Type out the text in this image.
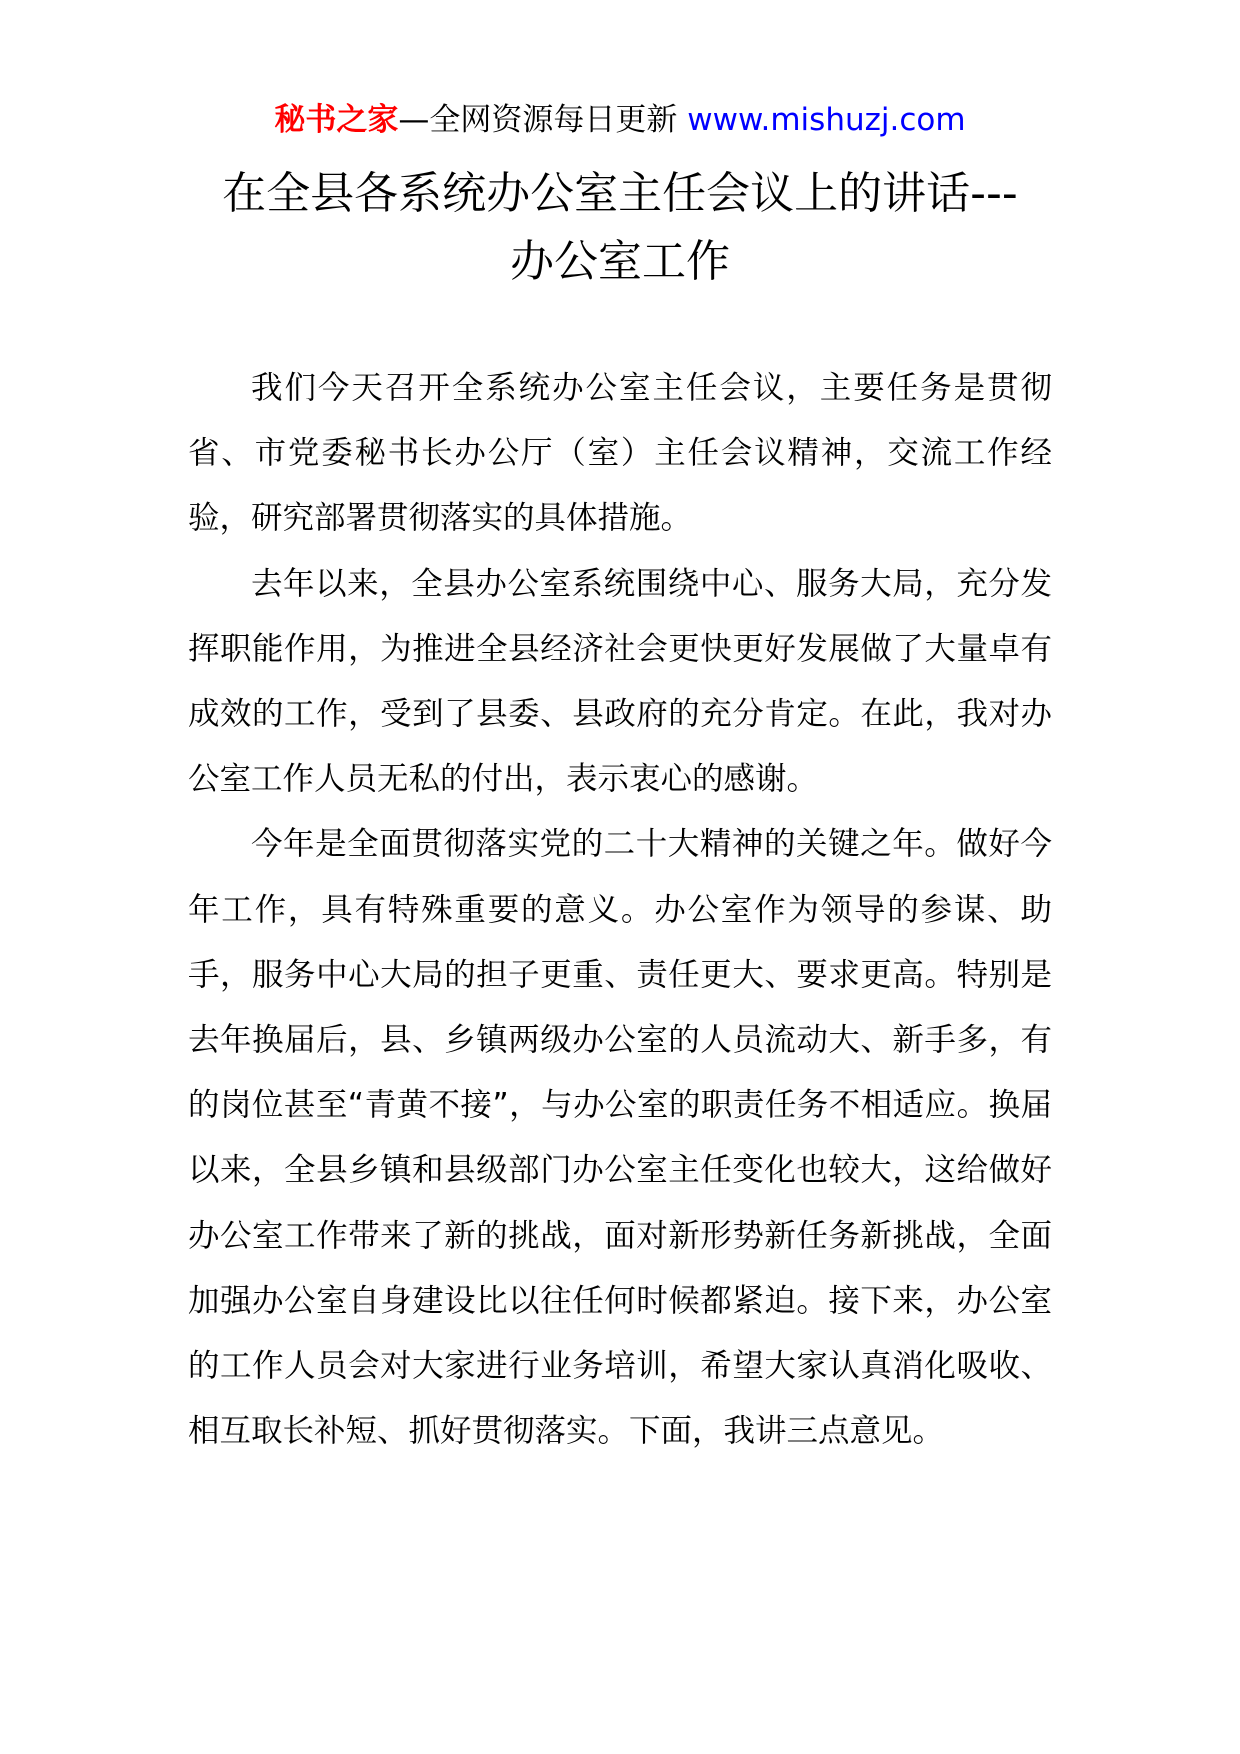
秘书之家—全网资源每日更新 www.mishuzj.com
在全县各系统办公室主任会议上的讲话---
办公室工作

我们今天召开全系统办公室主任会议，主要任务是贯彻省、市党委秘书长办公厅（室）主任会议精神，交流工作经验，研究部署贯彻落实的具体措施。

去年以来，全县办公室系统围绕中心、服务大局，充分发挥职能作用，为推进全县经济社会更快更好发展做了大量卓有成效的工作，受到了县委、县政府的充分肯定。在此，我对办公室工作人员无私的付出，表示衷心的感谢。

今年是全面贯彻落实党的二十大精神的关键之年。做好今年工作，具有特殊重要的意义。办公室作为领导的参谋、助手，服务中心大局的担子更重、责任更大、要求更高。特别是去年换届后，县、乡镇两级办公室的人员流动大、新手多，有的岗位甚至“青黄不接”，与办公室的职责任务不相适应。换届以来，全县乡镇和县级部门办公室主任变化也较大，这给做好办公室工作带来了新的挑战，面对新形势新任务新挑战，全面加强办公室自身建设比以往任何时候都紧迫。接下来，办公室的工作人员会对大家进行业务培训，希望大家认真消化吸收、相互取长补短、抓好贯彻落实。下面，我讲三点意见。
